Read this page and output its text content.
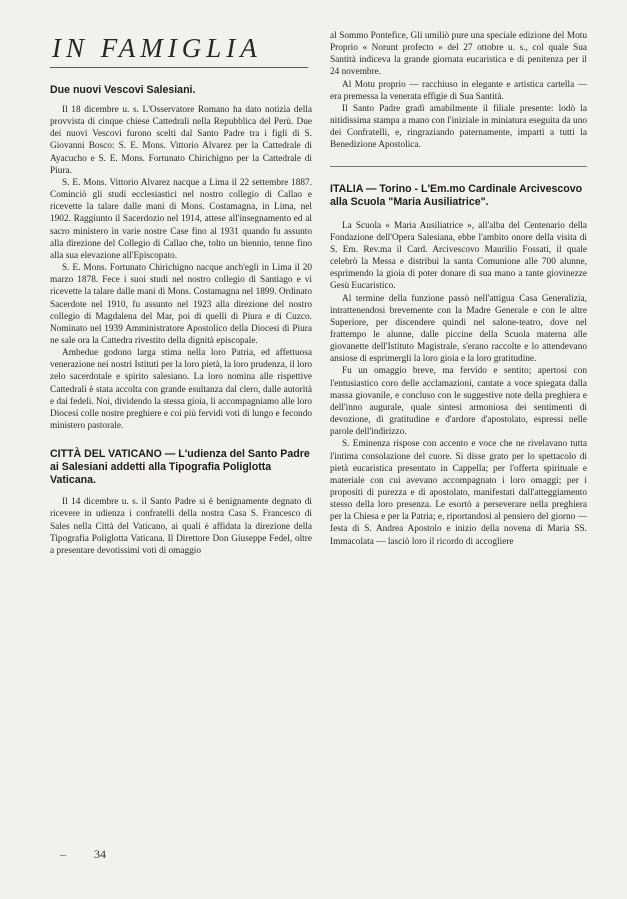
IN FAMIGLIA
Due nuovi Vescovi Salesiani.

Il 18 dicembre u. s. L'Osservatore Romano ha dato notizia della provvista di cinque chiese Cattedrali nella Repubblica del Perù. Due dei nuovi Vescovi furono scelti dal Santo Padre tra i figli di S. Giovanni Bosco: S. E. Mons. Vittorio Alvarez per la Cattedrale di Ayacucho e S. E. Mons. Fortunato Chirichigno per la Cattedrale di Piura.

S. E. Mons. Vittorio Alvarez nacque a Lima il 22 settembre 1887. Cominciò gli studi ecclesiastici nel nostro collegio di Callao e ricevette la talare dalle mani di Mons. Costamagna, in Lima, nel 1902. Raggiunto il Sacerdozio nel 1914, attese all'insegnamento ed al sacro ministero in varie nostre Case fino al 1931 quando fu assunto alla direzione del Collegio di Callao che, tolto un biennio, tenne fino alla sua elevazione all'Episcopato.

S. E. Mons. Fortunato Chirichigno nacque anch'egli in Lima il 20 marzo 1878. Fece i suoi studi nel nostro collegio di Santiago e vi ricevette la talare dalle mani di Mons. Costamagna nel 1899. Ordinato Sacerdote nel 1910, fu assunto nel 1923 alla direzione del nostro collegio di Magdalena del Mar, poi di quelli di Piura e di Cuzco. Nominato nel 1939 Amministratore Apostolico della Diocesi di Piura ne sale ora la Cattedra rivestito della dignità episcopale.

Ambedue godono larga stima nella loro Patria, ed affettuosa venerazione nei nostri Istituti per la loro pietà, la loro prudenza, il loro zelo sacerdotale e spirito salesiano. La loro nomina alle rispettive Cattedrali è stata accolta con grande esultanza dal clero, dalle autorità e dai fedeli. Noi, dividendo la stessa gioia, li accompagniamo alle loro Diocesi colle nostre preghiere e coi più fervidi voti di lungo e fecondo ministero pastorale.

CITTÀ DEL VATICANO — L'udienza del Santo Padre ai Salesiani addetti alla Tipografia Poliglotta Vaticana.

Il 14 dicembre u. s. il Santo Padre si è benignamente degnato di ricevere in udienza i confratelli della nostra Casa S. Francesco di Sales nella Città del Vaticano, ai quali è affidata la direzione della Tipografia Poliglotta Vaticana. Il Direttore Don Giuseppe Fedel, oltre a presentare devotissimi voti di omaggio

al Sommo Pontefice, Gli umiliò pure una speciale edizione del Motu Proprio « Norunt profecto » del 27 ottobre u. s., col quale Sua Santità indiceva la grande giornata eucaristica e di penitenza per il 24 novembre.

Al Motu proprio — racchiuso in elegante e artistica cartella — era premessa la venerata effigie di Sua Santità.

Il Santo Padre gradì amabilmente il filiale presente: lodò la nitidissima stampa a mano con l'iniziale in miniatura eseguita da uno dei Confratelli, e, ringraziando paternamente, impartì a tutti la Benedizione Apostolica.

ITALIA — Torino - L'Em.mo Cardinale Arcivescovo alla Scuola "Maria Ausiliatrice".

La Scuola « Maria Ausiliatrice », all'alba del Centenario della Fondazione dell'Opera Salesiana, ebbe l'ambito onore della visita di S. Em. Rev.ma il Card. Arcivescovo Maurilio Fossati, il quale celebrò la Messa e distribuì la santa Comunione alle 700 alunne, esprimendo la gioia di poter donare di sua mano a tante giovinezze Gesù Eucaristico.

Al termine della funzione passò nell'attigua Casa Generalizia, intrattenendosi brevemente con la Madre Generale e con le altre Superiore, per discendere quindi nel salone-teatro, dove nel frattempo le alunne, dalle piccine della Scuola materna alle giovanette dell'Istituto Magistrale, s'erano raccolte e lo attendevano ansiose di esprimergli la loro gioia e la loro gratitudine.

Fu un omaggio breve, ma fervido e sentito; apertosi con l'entusiastico coro delle acclamazioni, cantate a voce spiegata dalla massa giovanile, e concluso con le suggestive note della preghiera e dell'inno augurale, quale sintesi armoniosa dei sentimenti di devozione, di gratitudine e d'ardore d'apostolato, espressi nelle parole dell'indirizzo.

S. Eminenza rispose con accento e voce che ne rivelavano tutta l'intima consolazione del cuore. Si disse grato per lo spettacolo di pietà eucaristica presentato in Cappella; per l'offerta spirituale e materiale con cui avevano accompagnato i loro omaggi; per i propositi di purezza e di apostolato, manifestati dall'atteggiamento stesso della loro presenza. Le esortò a perseverare nella preghiera per la Chiesa e per la Patria; e, riportandosi al pensiero del giorno — festa di S. Andrea Apostolo e inizio della novena di Maria SS. Immacolata — lasciò loro il ricordo di accogliere

– 34
